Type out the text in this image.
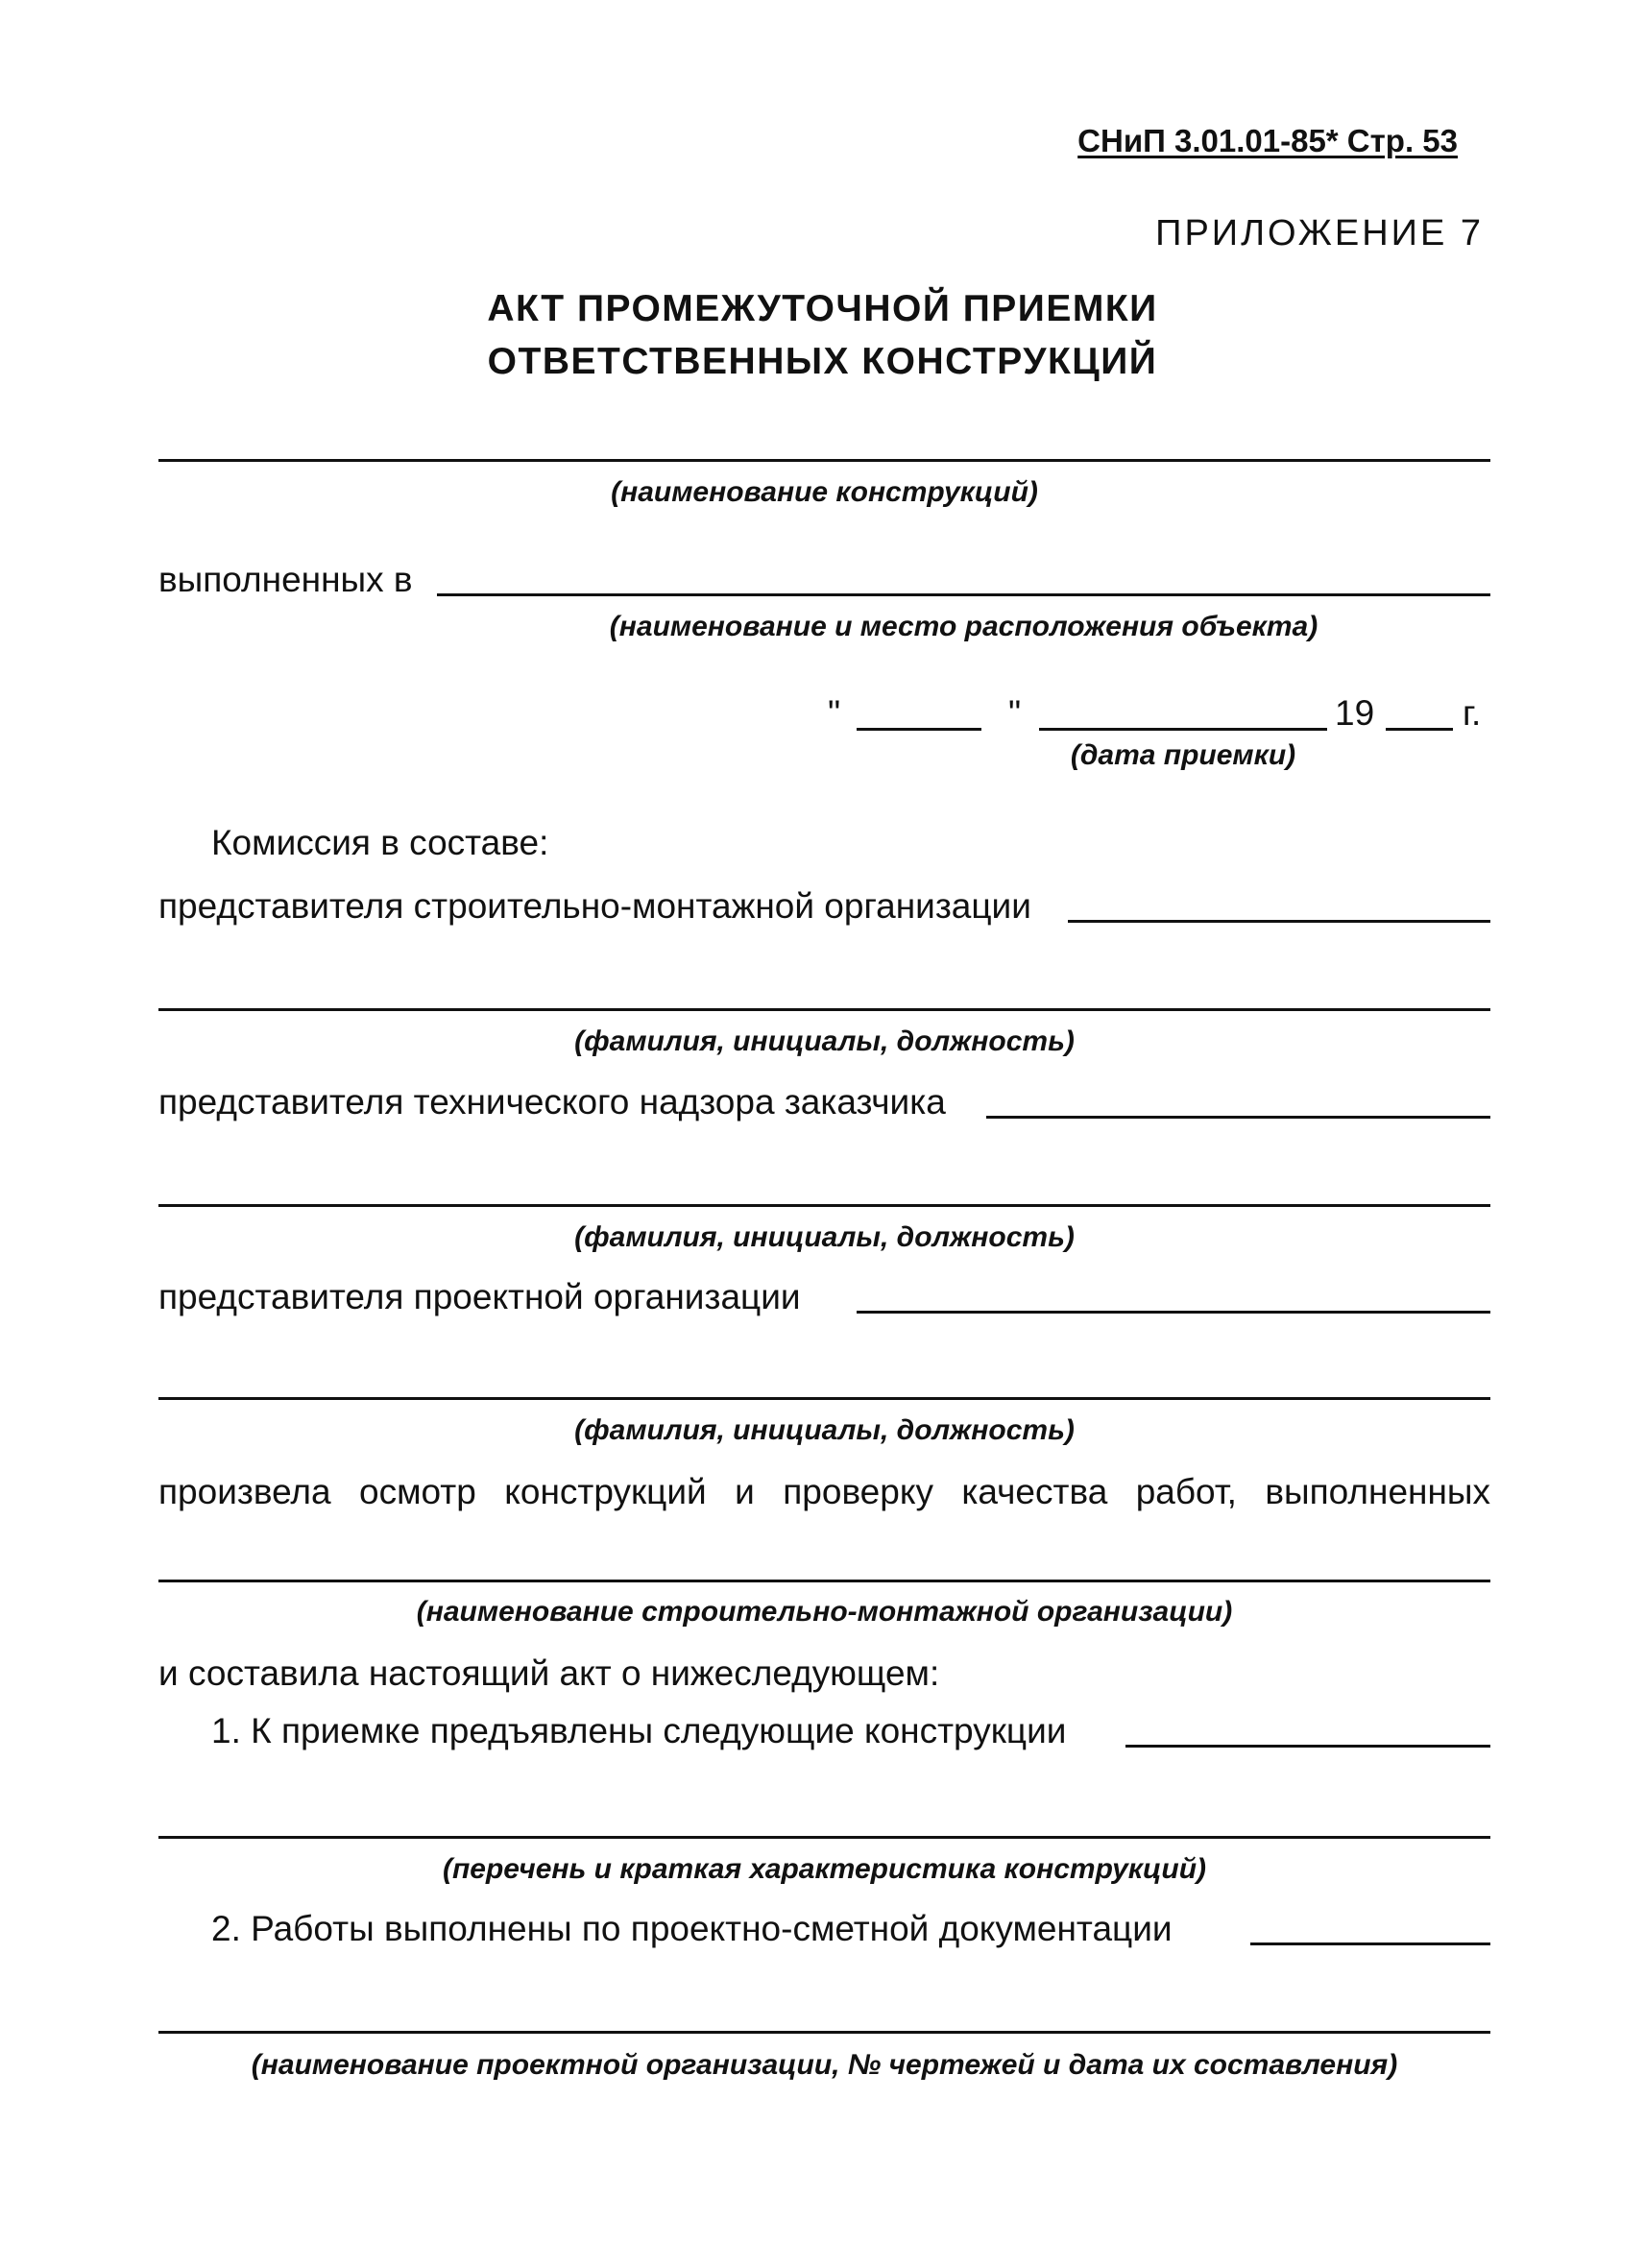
СНиП 3.01.01-85* Стр. 53
ПРИЛОЖЕНИЕ 7
АКТ ПРОМЕЖУТОЧНОЙ ПРИЕМКИ
ОТВЕТСТВЕННЫХ КОНСТРУКЦИЙ
(наименование конструкций)
выполненных в
(наименование и место расположения объекта)
"	"	19 г.
(дата приемки)
Комиссия в составе:
представителя строительно-монтажной организации
(фамилия, инициалы, должность)
представителя технического надзора заказчика
(фамилия, инициалы, должность)
представителя проектной организации
(фамилия, инициалы, должность)
произвела осмотр конструкций и проверку качества работ, выполненных
(наименование строительно-монтажной организации)
и составила настоящий акт о нижеследующем:
1. К приемке предъявлены следующие конструкции
(перечень и краткая характеристика конструкций)
2. Работы выполнены по проектно-сметной документации
(наименование проектной организации, № чертежей и дата их составления)
